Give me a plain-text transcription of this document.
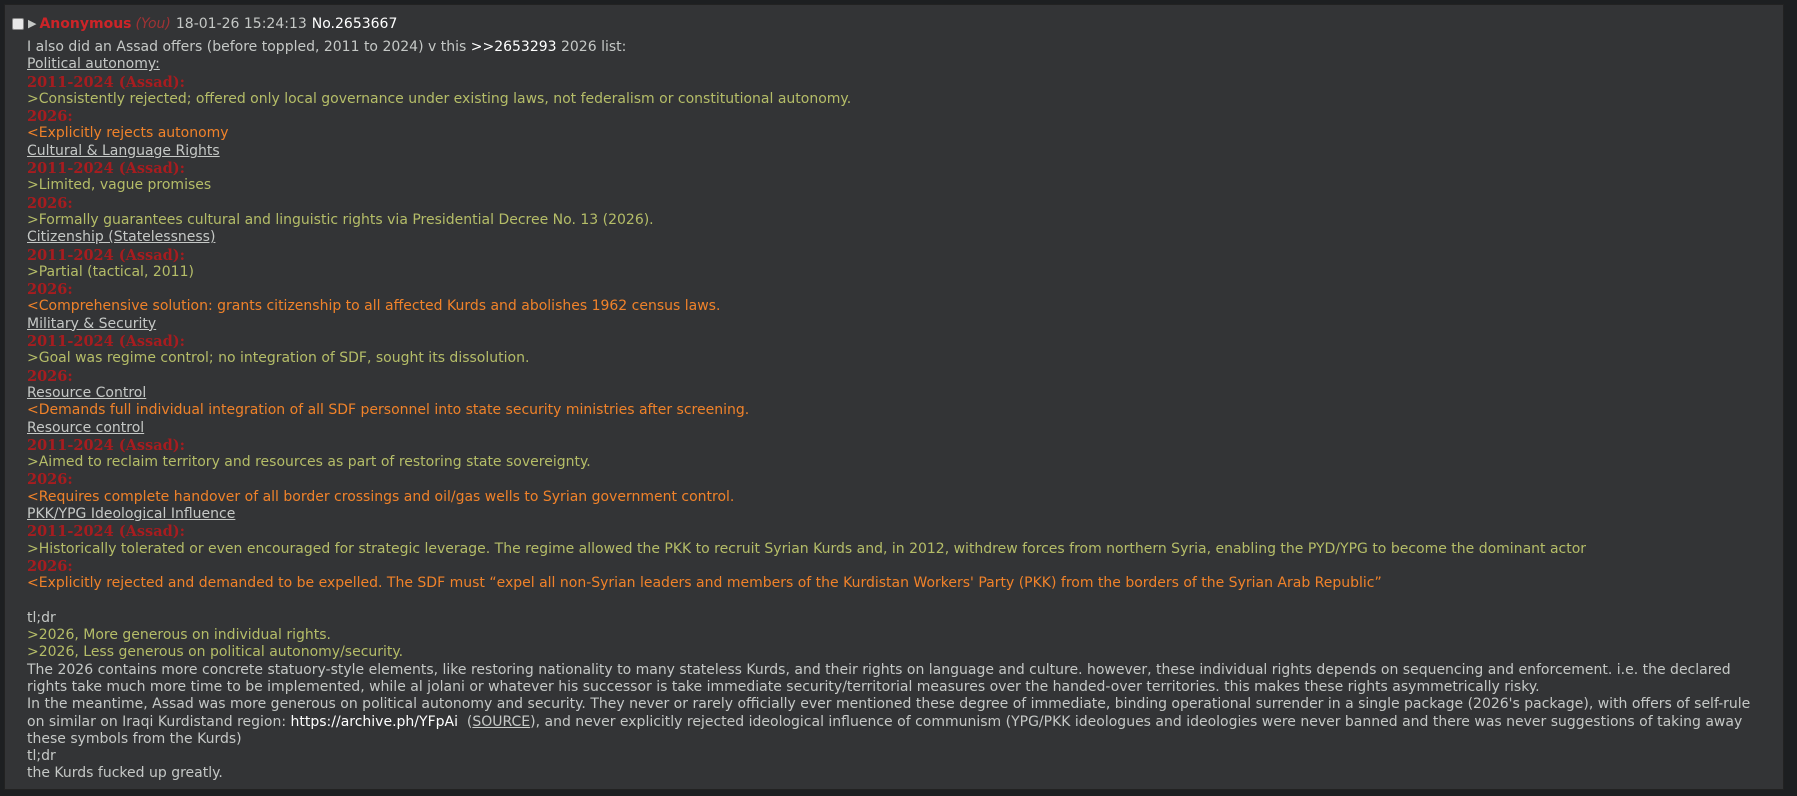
▶ Anonymous (You) 18-01-26 15:24:13 No.2653667
I also did an Assad offers (before toppled, 2011 to 2024) v this >>2653293 2026 list:
Political autonomy:
2011-2024 (Assad):
>Consistently rejected; offered only local governance under existing laws, not federalism or constitutional autonomy.
2026:
<Explicitly rejects autonomy
Cultural & Language Rights
2011-2024 (Assad):
>Limited, vague promises
2026:
>Formally guarantees cultural and linguistic rights via Presidential Decree No. 13 (2026).
Citizenship (Statelessness)
2011-2024 (Assad):
>Partial (tactical, 2011)
2026:
<Comprehensive solution: grants citizenship to all affected Kurds and abolishes 1962 census laws.
Military & Security
2011-2024 (Assad):
>Goal was regime control; no integration of SDF, sought its dissolution.
2026:
Resource Control
<Demands full individual integration of all SDF personnel into state security ministries after screening.
Resource control
2011-2024 (Assad):
>Aimed to reclaim territory and resources as part of restoring state sovereignty.
2026:
<Requires complete handover of all border crossings and oil/gas wells to Syrian government control.
PKK/YPG Ideological Influence
2011-2024 (Assad):
>Historically tolerated or even encouraged for strategic leverage. The regime allowed the PKK to recruit Syrian Kurds and, in 2012, withdrew forces from northern Syria, enabling the PYD/YPG to become the dominant actor
2026:
<Explicitly rejected and demanded to be expelled. The SDF must “expel all non-Syrian leaders and members of the Kurdistan Workers' Party (PKK) from the borders of the Syrian Arab Republic”
tl;dr
>2026, More generous on individual rights.
>2026, Less generous on political autonomy/security.
The 2026 contains more concrete statuory-style elements, like restoring nationality to many stateless Kurds, and their rights on language and culture. however, these individual rights depends on sequencing and enforcement. i.e. the declared rights take much more time to be implemented, while al jolani or whatever his successor is take immediate security/territorial measures over the handed-over territories. this makes these rights asymmetrically risky.
In the meantime, Assad was more generous on political autonomy and security. They never or rarely officially ever mentioned these degree of immediate, binding operational surrender in a single package (2026's package), with offers of self-rule on similar on Iraqi Kurdistand region: https://archive.ph/YFpAi  (SOURCE), and never explicitly rejected ideological influence of communism (YPG/PKK ideologues and ideologies were never banned and there was never suggestions of taking away these symbols from the Kurds)
tl;dr
the Kurds fucked up greatly.
